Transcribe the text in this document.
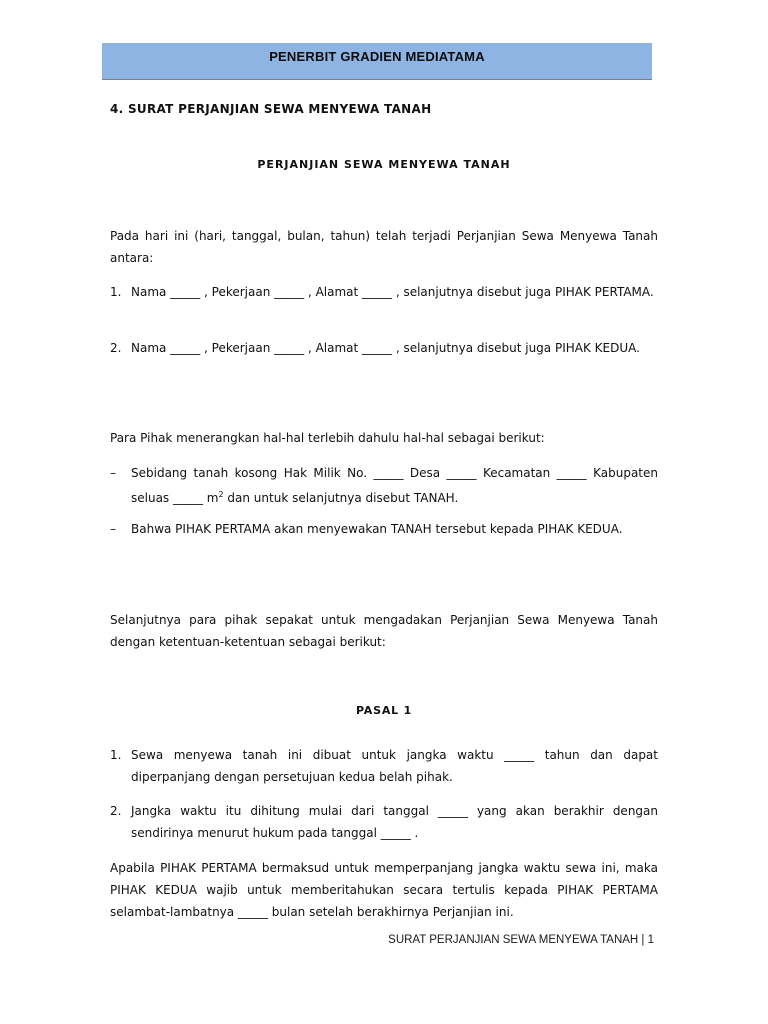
PENERBIT GRADIEN MEDIATAMA
4. SURAT PERJANJIAN SEWA MENYEWA TANAH
PERJANJIAN SEWA MENYEWA TANAH
Pada hari ini (hari, tanggal, bulan, tahun) telah terjadi Perjanjian Sewa Menyewa Tanah antara:
1. Nama _____ , Pekerjaan _____ , Alamat _____ , selanjutnya disebut juga PIHAK PERTAMA.
2. Nama _____ , Pekerjaan _____ , Alamat _____ , selanjutnya disebut juga PIHAK KEDUA.
Para Pihak menerangkan hal-hal terlebih dahulu hal-hal sebagai berikut:
–	Sebidang tanah kosong Hak Milik No. _____ Desa _____ Kecamatan _____ Kabupaten seluas _____ $m^2$ dan untuk selanjutnya disebut TANAH.
–	Bahwa PIHAK PERTAMA akan menyewakan TANAH tersebut kepada PIHAK KEDUA.
Selanjutnya para pihak sepakat untuk mengadakan Perjanjian Sewa Menyewa Tanah dengan ketentuan-ketentuan sebagai berikut:
PASAL 1
1. Sewa menyewa tanah ini dibuat untuk jangka waktu _____ tahun dan dapat diperpanjang dengan persetujuan kedua belah pihak.
2. Jangka waktu itu dihitung mulai dari tanggal _____ yang akan berakhir dengan sendirinya menurut hukum pada tanggal _____ .
Apabila PIHAK PERTAMA bermaksud untuk memperpanjang jangka waktu sewa ini, maka PIHAK KEDUA wajib untuk memberitahukan secara tertulis kepada PIHAK PERTAMA selambat-lambatnya _____ bulan setelah berakhirnya Perjanjian ini.
SURAT PERJANJIAN SEWA MENYEWA TANAH | 1
